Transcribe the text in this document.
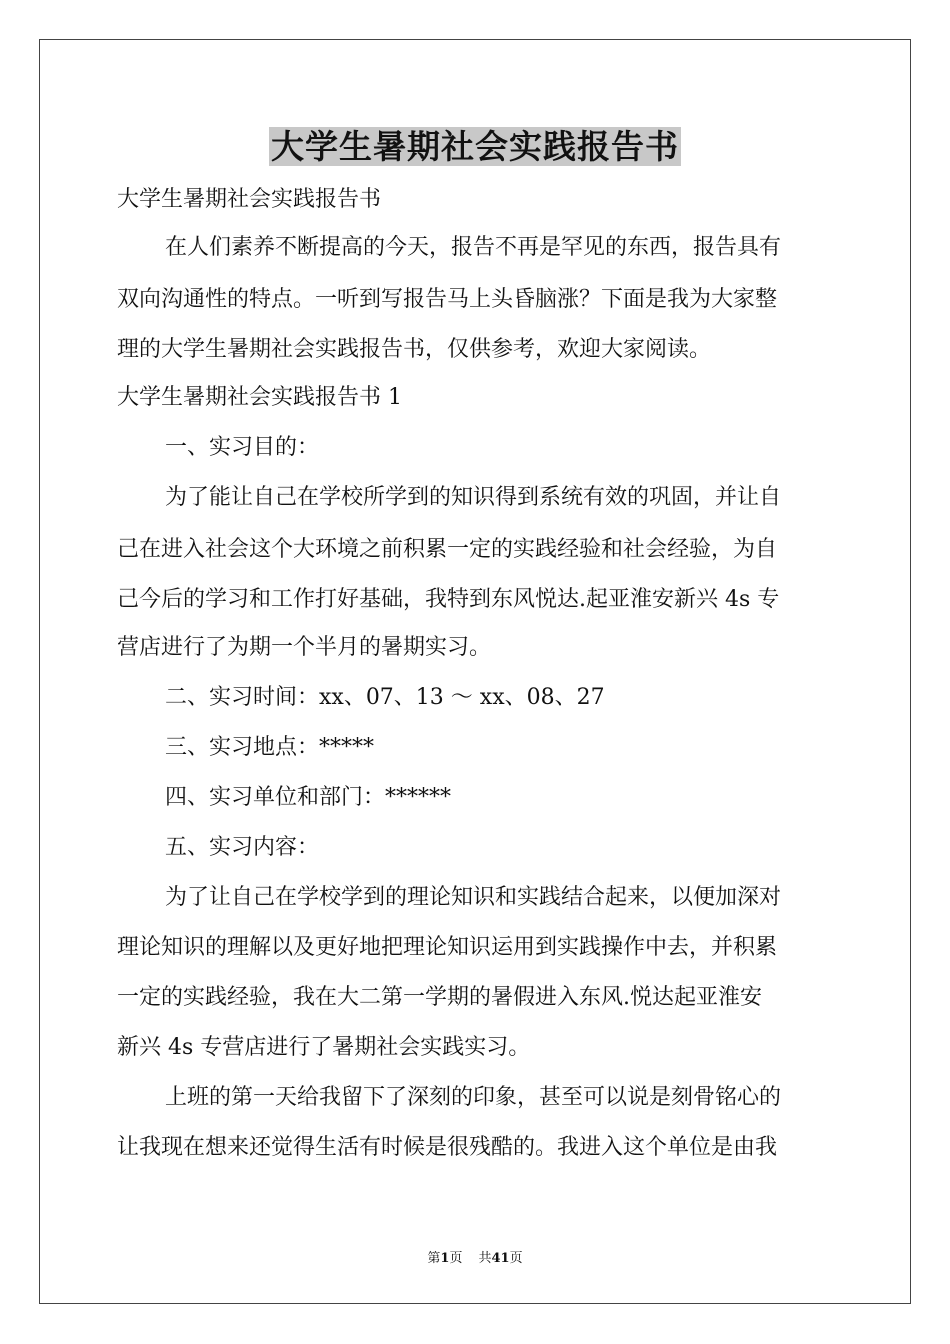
大学生暑期社会实践报告书
大学生暑期社会实践报告书
在人们素养不断提高的今天，报告不再是罕见的东西，报告具有
双向沟通性的特点。一听到写报告马上头昏脑涨？下面是我为大家整
理的大学生暑期社会实践报告书，仅供参考，欢迎大家阅读。
大学生暑期社会实践报告书 1
一、实习目的：
为了能让自己在学校所学到的知识得到系统有效的巩固，并让自
己在进入社会这个大环境之前积累一定的实践经验和社会经验，为自
己今后的学习和工作打好基础，我特到东风悦达.起亚淮安新兴 4s 专
营店进行了为期一个半月的暑期实习。
二、实习时间：xx、07、13 ～ xx、08、27
三、实习地点：*****
四、实习单位和部门：******
五、实习内容：
为了让自己在学校学到的理论知识和实践结合起来，以便加深对
理论知识的理解以及更好地把理论知识运用到实践操作中去，并积累
一定的实践经验，我在大二第一学期的暑假进入东风.悦达起亚淮安
新兴 4s 专营店进行了暑期社会实践实习。
上班的第一天给我留下了深刻的印象，甚至可以说是刻骨铭心的
让我现在想来还觉得生活有时候是很残酷的。我进入这个单位是由我
第1页 共41页
